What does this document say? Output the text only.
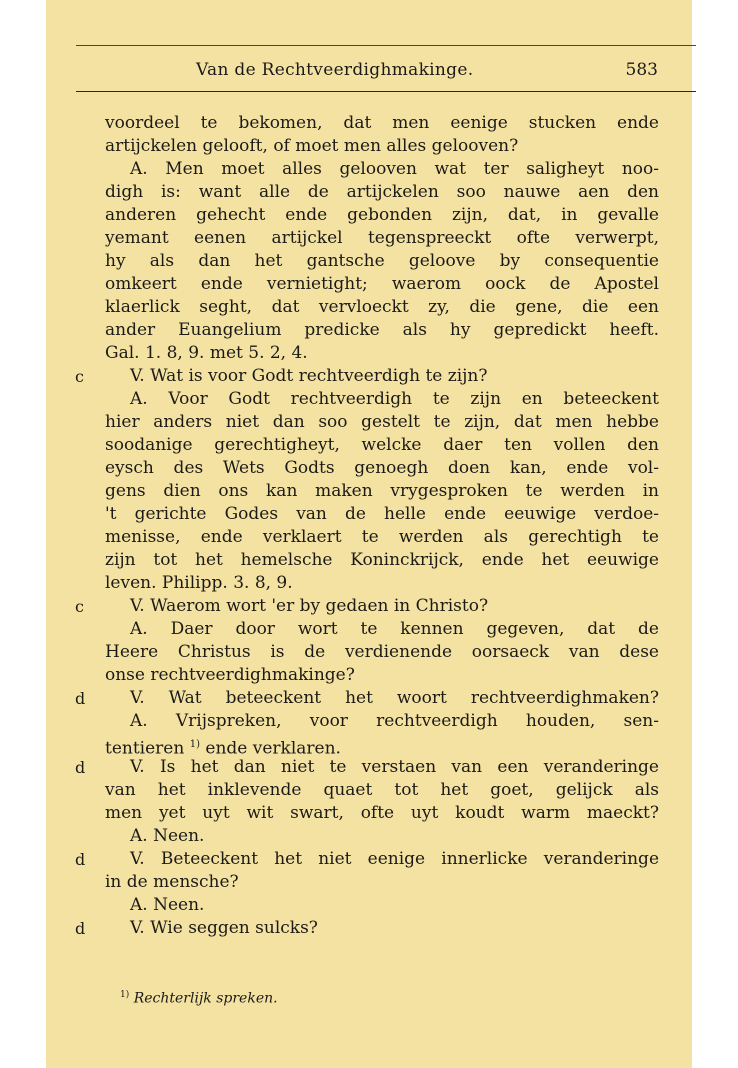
Van de Rechtveerdighmakinge.	583
voordeel te bekomen, dat men eenige stucken ende
artijckelen gelooft, of moet men alles gelooven?
A. Men moet alles gelooven wat ter saligheyt noo-
digh is: want alle de artijckelen soo nauwe aen den
anderen gehecht ende gebonden zijn, dat, in gevalle
yemant eenen artijckel tegenspreeckt ofte verwerpt,
hy als dan het gantsche geloove by consequentie
omkeert ende vernietight; waerom oock de Apostel
klaerlick seght, dat vervloeckt zy, die gene, die een
ander Euangelium predicke als hy gepredickt heeft.
Gal. 1. 8, 9. met 5. 2, 4.
c	V. Wat is voor Godt rechtveerdigh te zijn?
A. Voor Godt rechtveerdigh te zijn en beteeckent
hier anders niet dan soo gestelt te zijn, dat men hebbe
soodanige gerechtigheyt, welcke daer ten vollen den
eysch des Wets Godts genoegh doen kan, ende vol-
gens dien ons kan maken vrygesproken te werden in
't gerichte Godes van de helle ende eeuwige verdoe-
menisse, ende verklaert te werden als gerechtigh te
zijn tot het hemelsche Koninckrijck, ende het eeuwige
leven. Philipp. 3. 8, 9.
c	V. Waerom wort 'er by gedaen in Christo?
A. Daer door wort te kennen gegeven, dat de
Heere Christus is de verdienende oorsaeck van dese
onse rechtveerdighmakinge?
d	V. Wat beteeckent het woort rechtveerdighmaken?
A. Vrijspreken, voor rechtveerdigh houden, sen-
tentieren $^{1)}$ ende verklaren.
d	V. Is het dan niet te verstaen van een veranderinge
van het inklevende quaet tot het goet, gelijck als
men yet uyt wit swart, ofte uyt koudt warm maeckt?
A. Neen.
d	V. Beteeckent het niet eenige innerlicke veranderinge
in de mensche?
A. Neen.
d	V. Wie seggen sulcks?
$^{1)}$ Rechterlijk spreken.
